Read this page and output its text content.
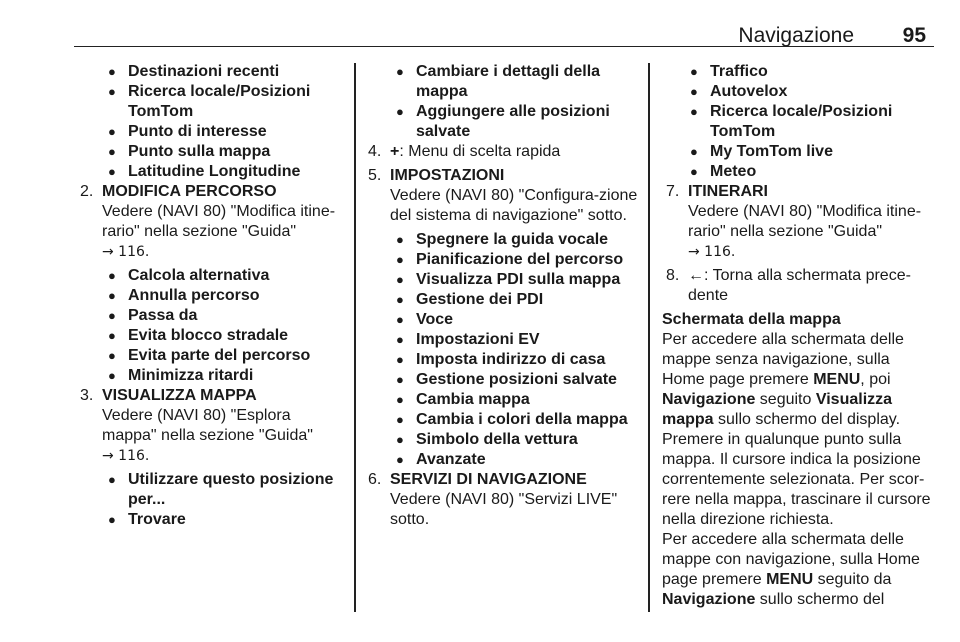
Navigazione 95

● Destinazioni recenti

● Ricerca locale/Posizioni TomTom

● Punto di interesse

● Punto sulla mappa

● Latitudine Longitudine

2. MODIFICA PERCORSO

Vedere (NAVI 80) "Modifica itine-rario" nella sezione "Guida"

→ 116.

● Calcola alternativa

● Annulla percorso

● Passa da

● Evita blocco stradale

● Evita parte del percorso

● Minimizza ritardi

3. VISUALIZZA MAPPA

Vedere (NAVI 80) "Esplora mappa" nella sezione "Guida"

→ 116.

● Utilizzare questo posizione per...

● Trovare

● Cambiare i dettagli della mappa

● Aggiungere alle posizioni salvate

4. +: Menu di scelta rapida

5. IMPOSTAZIONI

Vedere (NAVI 80) "Configura-zione del sistema di navigazione" sotto.

● Spegnere la guida vocale

● Pianificazione del percorso

● Visualizza PDI sulla mappa

● Gestione dei PDI

● Voce

● Impostazioni EV

● Imposta indirizzo di casa

● Gestione posizioni salvate

● Cambia mappa

● Cambia i colori della mappa

● Simbolo della vettura

● Avanzate

6. SERVIZI DI NAVIGAZIONE

Vedere (NAVI 80) "Servizi LIVE" sotto.

● Traffico

● Autovelox

● Ricerca locale/Posizioni TomTom

● My TomTom live

● Meteo

7. ITINERARI

Vedere (NAVI 80) "Modifica itine-rario" nella sezione "Guida"

→ 116.

8. ←: Torna alla schermata prece-dente

Schermata della mappa

Per accedere alla schermata delle mappe senza navigazione, sulla Home page premere MENU, poi Navigazione seguito Visualizza mappa sullo schermo del display.

Premere in qualunque punto sulla mappa. Il cursore indica la posizione correntemente selezionata. Per scor-rere nella mappa, trascinare il cursore nella direzione richiesta.

Per accedere alla schermata delle mappe con navigazione, sulla Home page premere MENU seguito da Navigazione sullo schermo del
